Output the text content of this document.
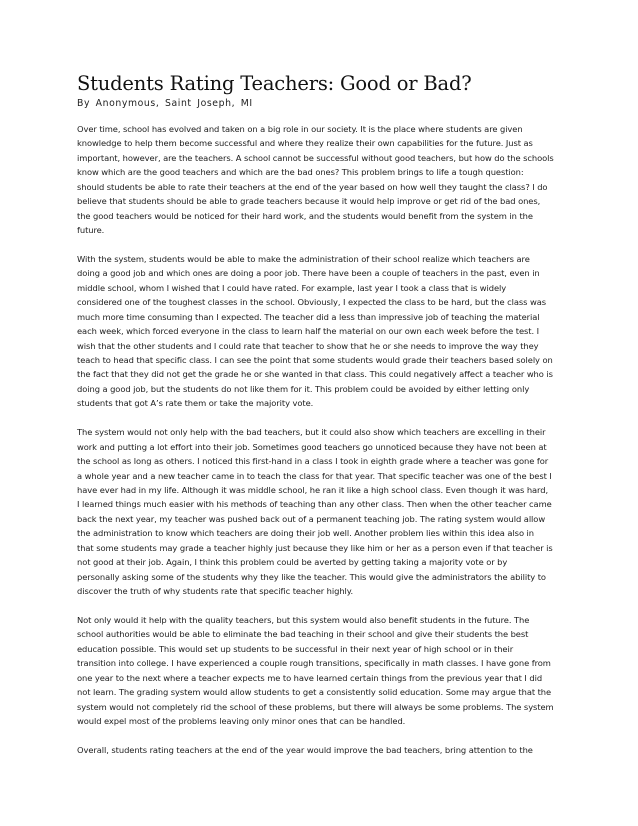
Students Rating Teachers: Good or Bad?
By Anonymous, Saint Joseph, MI
Over time, school has evolved and taken on a big role in our society. It is the place where students are given
knowledge to help them become successful and where they realize their own capabilities for the future. Just as
important, however, are the teachers. A school cannot be successful without good teachers, but how do the schools
know which are the good teachers and which are the bad ones? This problem brings to life a tough question:
should students be able to rate their teachers at the end of the year based on how well they taught the class? I do
believe that students should be able to grade teachers because it would help improve or get rid of the bad ones,
the good teachers would be noticed for their hard work, and the students would benefit from the system in the
future.
With the system, students would be able to make the administration of their school realize which teachers are
doing a good job and which ones are doing a poor job. There have been a couple of teachers in the past, even in
middle school, whom I wished that I could have rated. For example, last year I took a class that is widely
considered one of the toughest classes in the school. Obviously, I expected the class to be hard, but the class was
much more time consuming than I expected. The teacher did a less than impressive job of teaching the material
each week, which forced everyone in the class to learn half the material on our own each week before the test. I
wish that the other students and I could rate that teacher to show that he or she needs to improve the way they
teach to head that specific class. I can see the point that some students would grade their teachers based solely on
the fact that they did not get the grade he or she wanted in that class. This could negatively affect a teacher who is
doing a good job, but the students do not like them for it. This problem could be avoided by either letting only
students that got A’s rate them or take the majority vote.
The system would not only help with the bad teachers, but it could also show which teachers are excelling in their
work and putting a lot effort into their job. Sometimes good teachers go unnoticed because they have not been at
the school as long as others. I noticed this first-hand in a class I took in eighth grade where a teacher was gone for
a whole year and a new teacher came in to teach the class for that year. That specific teacher was one of the best I
have ever had in my life. Although it was middle school, he ran it like a high school class. Even though it was hard,
I learned things much easier with his methods of teaching than any other class. Then when the other teacher came
back the next year, my teacher was pushed back out of a permanent teaching job. The rating system would allow
the administration to know which teachers are doing their job well. Another problem lies within this idea also in
that some students may grade a teacher highly just because they like him or her as a person even if that teacher is
not good at their job. Again, I think this problem could be averted by getting taking a majority vote or by
personally asking some of the students why they like the teacher. This would give the administrators the ability to
discover the truth of why students rate that specific teacher highly.
Not only would it help with the quality teachers, but this system would also benefit students in the future. The
school authorities would be able to eliminate the bad teaching in their school and give their students the best
education possible. This would set up students to be successful in their next year of high school or in their
transition into college. I have experienced a couple rough transitions, specifically in math classes. I have gone from
one year to the next where a teacher expects me to have learned certain things from the previous year that I did
not learn. The grading system would allow students to get a consistently solid education. Some may argue that the
system would not completely rid the school of these problems, but there will always be some problems. The system
would expel most of the problems leaving only minor ones that can be handled.
Overall, students rating teachers at the end of the year would improve the bad teachers, bring attention to the
